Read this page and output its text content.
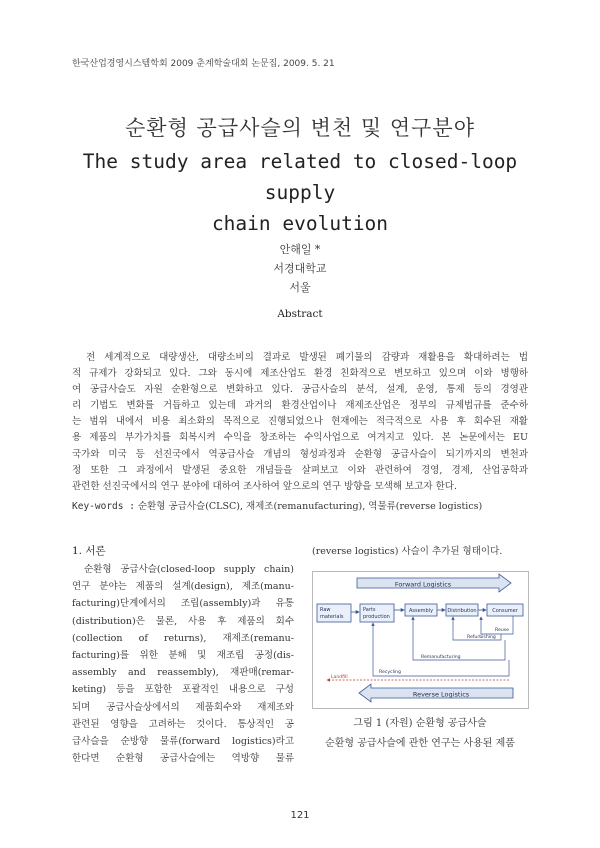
한국산업경영시스템학회 2009 춘계학술대회 논문집, 2009. 5. 21
순환형 공급사슬의 변천 및 연구분야
The study area related to closed-loop supply
chain evolution
안해일 *
서경대학교
서울
Abstract
전 세계적으로 대량생산, 대량소비의 결과로 발생된 폐기물의 감량과 재활용을 확대하려는 법
적 규제가 강화되고 있다. 그와 동시에 제조산업도 환경 친화적으로 변모하고 있으며 이와 병행하
여 공급사슬도 자원 순환형으로 변화하고 있다. 공급사슬의 분석, 설계, 운영, 통제 등의 경영관
리 기법도 변화를 거듭하고 있는데 과거의 환경산업이나 재제조산업은 정부의 규제법규를 준수하
는 범위 내에서 비용 최소화의 목적으로 진행되었으나 현재에는 적극적으로 사용 후 회수된 재활
용 제품의 부가가치를 회복시켜 수익을 창조하는 수익사업으로 여겨지고 있다. 본 논문에서는 EU
국가와 미국 등 선진국에서 역공급사슬 개념의 형성과정과 순환형 공급사슬이 되기까지의 변천과
정 또한 그 과정에서 발생된 중요한 개념들을 살펴보고 이와 관련하여 경영, 경제, 산업공학과
관련한 선진국에서의 연구 분야에 대하여 조사하여 앞으로의 연구 방향을 모색해 보고자 한다.
Key-words : 순환형 공급사슬(CLSC), 재제조(remanufacturing), 역물류(reverse logistics)
1. 서론
순환형 공급사슬(closed-loop supply chain)
연구 분야는 제품의 설계(design), 제조(manu-
facturing)단계에서의 조립(assembly)과 유통
(distribution)은 물론, 사용 후 제품의 회수
(collection of returns), 재제조(remanu-
facturing)를 위한 분해 및 재조립 공정(dis-
assembly and reassembly), 재판매(remar-
keting) 등을 포함한 포괄적인 내용으로 구성
되며 공급사슬상에서의 제품회수와 재제조와
관련된 영향을 고려하는 것이다. 통상적인 공
급사슬을 순방향 물류(forward logistics)라고
한다면 순환형 공급사슬에는 역방향 물류
(reverse logistics) 사슬이 추가된 형태이다.
Forward Logistics
Raw
materials
Parts
production
Assembly	Distribution	Consumer
Reuse
Refurbishing
Remanufacturing
Recycling
Landfill
Reverse Logistics
그림 1 (자원) 순환형 공급사슬
순환형 공급사슬에 관한 연구는 사용된 제품
121
